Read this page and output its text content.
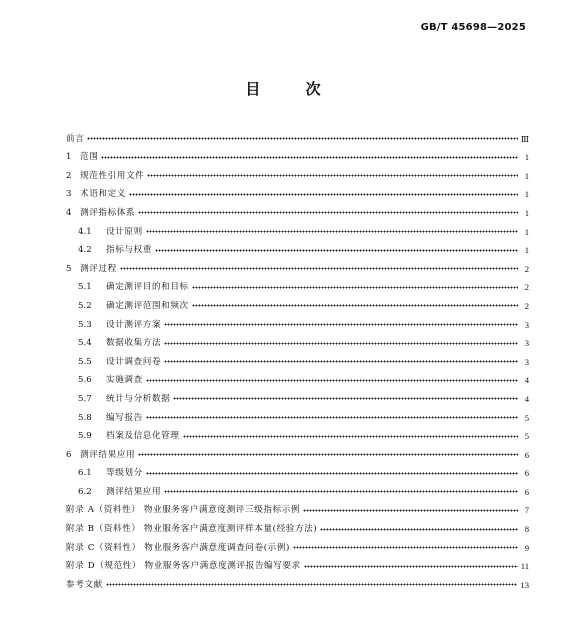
GB/T 45698—2025
目 次
前言	Ⅲ
1 范围	1
2 规范性引用文件	1
3 术语和定义	1
4 测评指标体系	1
4.1	设计原则	1
4.2	指标与权重	1
5 测评过程	2
5.1	确定测评目的和目标	2
5.2	确定测评范围和频次	2
5.3	设计测评方案	3
5.4	数据收集方法	3
5.5	设计调查问卷	3
5.6	实施调查	4
5.7	统计与分析数据	4
5.8	编写报告	5
5.9	档案及信息化管理	5
6 测评结果应用	6
6.1	等级划分	6
6.2	测评结果应用	6
附录 A（资料性） 物业服务客户满意度测评三级指标示例	7
附录 B（资料性） 物业服务客户满意度测评样本量(经验方法)	8
附录 C（资料性） 物业服务客户满意度调查问卷(示例)	9
附录 D（规范性） 物业服务客户满意度测评报告编写要求	11
参考文献	13
